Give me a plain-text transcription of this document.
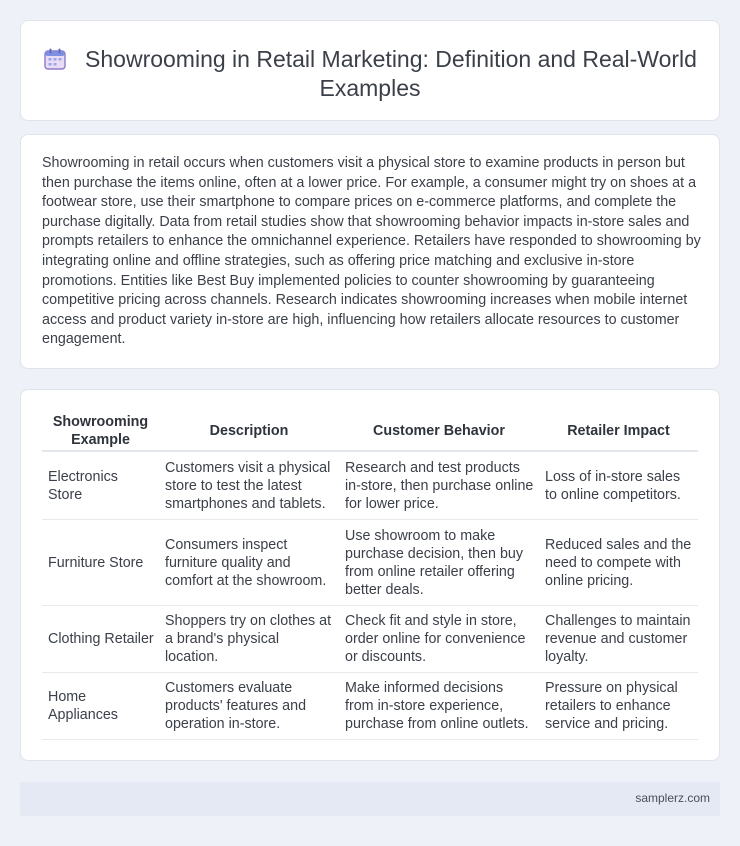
Showrooming in Retail Marketing: Definition and Real-World Examples

Showrooming in retail occurs when customers visit a physical store to examine products in person but then purchase the items online, often at a lower price. For example, a consumer might try on shoes at a footwear store, use their smartphone to compare prices on e-commerce platforms, and complete the purchase digitally. Data from retail studies show that showrooming behavior impacts in-store sales and prompts retailers to enhance the omnichannel experience. Retailers have responded to showrooming by integrating online and offline strategies, such as offering price matching and exclusive in-store promotions. Entities like Best Buy implemented policies to counter showrooming by guaranteeing competitive pricing across channels. Research indicates showrooming increases when mobile internet access and product variety in-store are high, influencing how retailers allocate resources to customer engagement.

Showrooming Example	Description	Customer Behavior	Retailer Impact
Electronics Store	Customers visit a physical store to test the latest smartphones and tablets.	Research and test products in-store, then purchase online for lower price.	Loss of in-store sales to online competitors.
Furniture Store	Consumers inspect furniture quality and comfort at the showroom.	Use showroom to make purchase decision, then buy from online retailer offering better deals.	Reduced sales and the need to compete with online pricing.
Clothing Retailer	Shoppers try on clothes at a brand's physical location.	Check fit and style in store, order online for convenience or discounts.	Challenges to maintain revenue and customer loyalty.
Home Appliances	Customers evaluate products' features and operation in-store.	Make informed decisions from in-store experience, purchase from online outlets.	Pressure on physical retailers to enhance service and pricing.
samplerz.com
